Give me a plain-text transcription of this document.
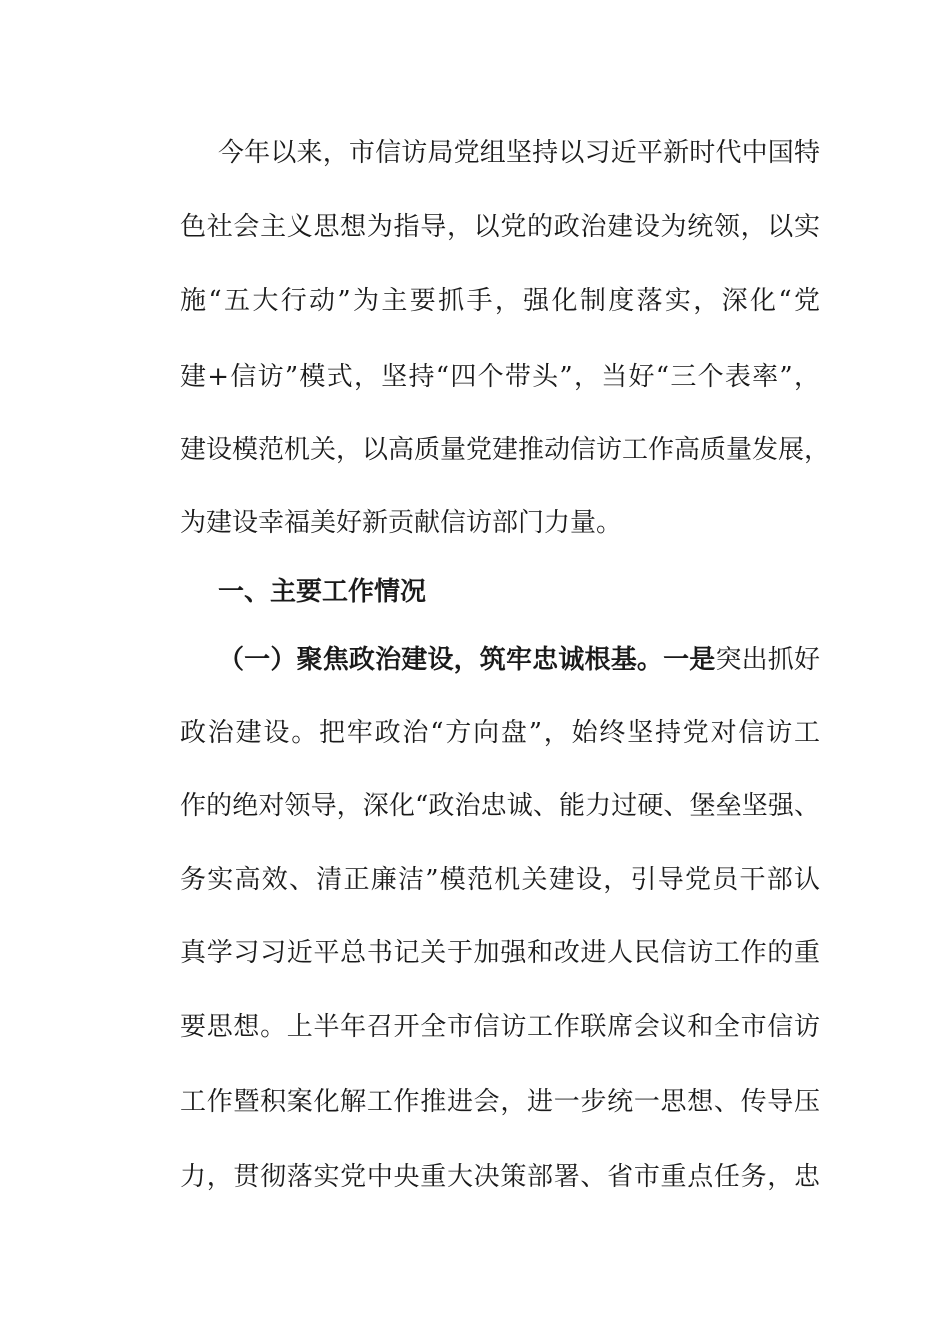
今年以来，市信访局党组坚持以习近平新时代中国特
色社会主义思想为指导，以党的政治建设为统领，以实
施“五大行动”为主要抓手，强化制度落实，深化“党
建+信访”模式，坚持“四个带头”，当好“三个表率”，
建设模范机关，以高质量党建推动信访工作高质量发展，
为建设幸福美好新贡献信访部门力量。
一、主要工作情况
（一）聚焦政治建设，筑牢忠诚根基。一是突出抓好
政治建设。把牢政治“方向盘”，始终坚持党对信访工
作的绝对领导，深化“政治忠诚、能力过硬、堡垒坚强、
务实高效、清正廉洁”模范机关建设，引导党员干部认
真学习习近平总书记关于加强和改进人民信访工作的重
要思想。上半年召开全市信访工作联席会议和全市信访
工作暨积案化解工作推进会，进一步统一思想、传导压
力，贯彻落实党中央重大决策部署、省市重点任务，忠
